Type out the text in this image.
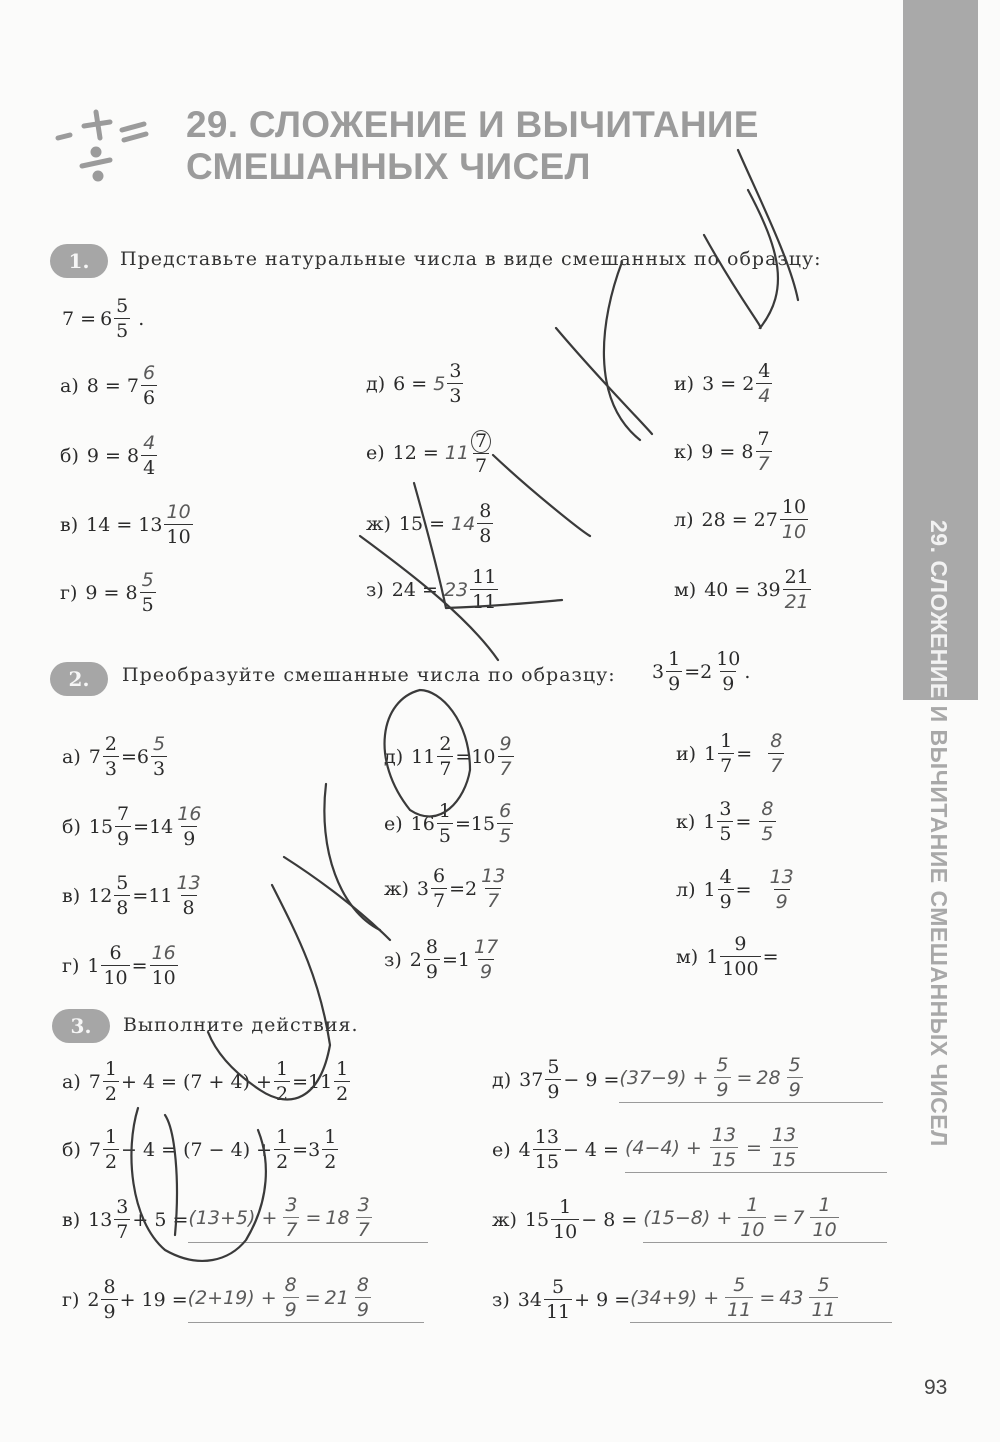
29. СЛОЖЕНИЕ И ВЫЧИТАНИЕ СМЕШАННЫХ ЧИСЕЛ
29. СЛОЖЕНИЕ И ВЫЧИТАНИЕ
СМЕШАННЫХ ЧИСЕЛ
1.	Представьте натуральные числа в виде смешанных по образцу:
$7 = 6 \frac{5}{5}$ .
а) 8 =
$7 \frac{6}{6}$
б) 9 =
$8 \frac{4}{4}$
в) 14 =
$13 \frac{10}{10}$
г) 9 =
$8 \frac{5}{5}$
д) 6 =
$5 \frac{3}{3}$
е) 12 =
$11 \frac{7}{7}$
ж) 15 =
$14 \frac{8}{8}$
з) 24 =
$23 \frac{11}{11}$
и) 3 =
$2 \frac{4}{4}$
к) 9 =
$8 \frac{7}{7}$
л) 28 =
$27 \frac{10}{10}$
м) 40 =
$39 \frac{21}{21}$
2.	Преобразуйте смешанные числа по образцу: $3 \frac{1}{9} = 2 \frac{10}{9}$ .
а) $7 \frac{2}{3} = 6 \frac{5}{3}$
б) $15 \frac{7}{9} = 14 \frac{16}{9}$
в) $12 \frac{5}{8} = 11 \frac{13}{8}$
г) $1 \frac{6}{10} = \frac{16}{10}$
д) $11 \frac{2}{7} = 10 \frac{9}{7}$
е) $16 \frac{1}{5} = 15 \frac{6}{5}$
ж) $3 \frac{6}{7} = 2 \frac{13}{7}$
з) $2 \frac{8}{9} = 1 \frac{17}{9}$
и) $1 \frac{1}{7} = \frac{8}{7}$
к) $1 \frac{3}{5} = \frac{8}{5}$
л) $1 \frac{4}{9} = \frac{13}{9}$
м) $1 \frac{9}{100}$ =
3.	Выполните действия.
а) $7 \frac{1}{2} + 4$ =
$(7 + 4) + \frac{1}{2} = 11 \frac{1}{2}$
б) $7 \frac{1}{2} - 4$ =
$(7 - 4) + \frac{1}{2} = 3 \frac{1}{2}$
в) $13 \frac{3}{7} + 5 = (13+5) + \frac{3}{7} = 18 \frac{3}{7}$
г) $2 \frac{8}{9} + 19 = (2+19) + \frac{8}{9} = 21 \frac{8}{9}$
д) $37 \frac{5}{9} - 9 = (37-9) + \frac{5}{9} = 28 \frac{5}{9}$
е) $4 \frac{13}{15} - 4 = (4-4) + \frac{13}{15} = \frac{13}{15}$
ж) $15 \frac{1}{10} - 8 = (15-8) + \frac{1}{10} = 7 \frac{1}{10}$
з) $34 \frac{5}{11} + 9 = (34+9) + \frac{5}{11} = 43 \frac{5}{11}$
93
